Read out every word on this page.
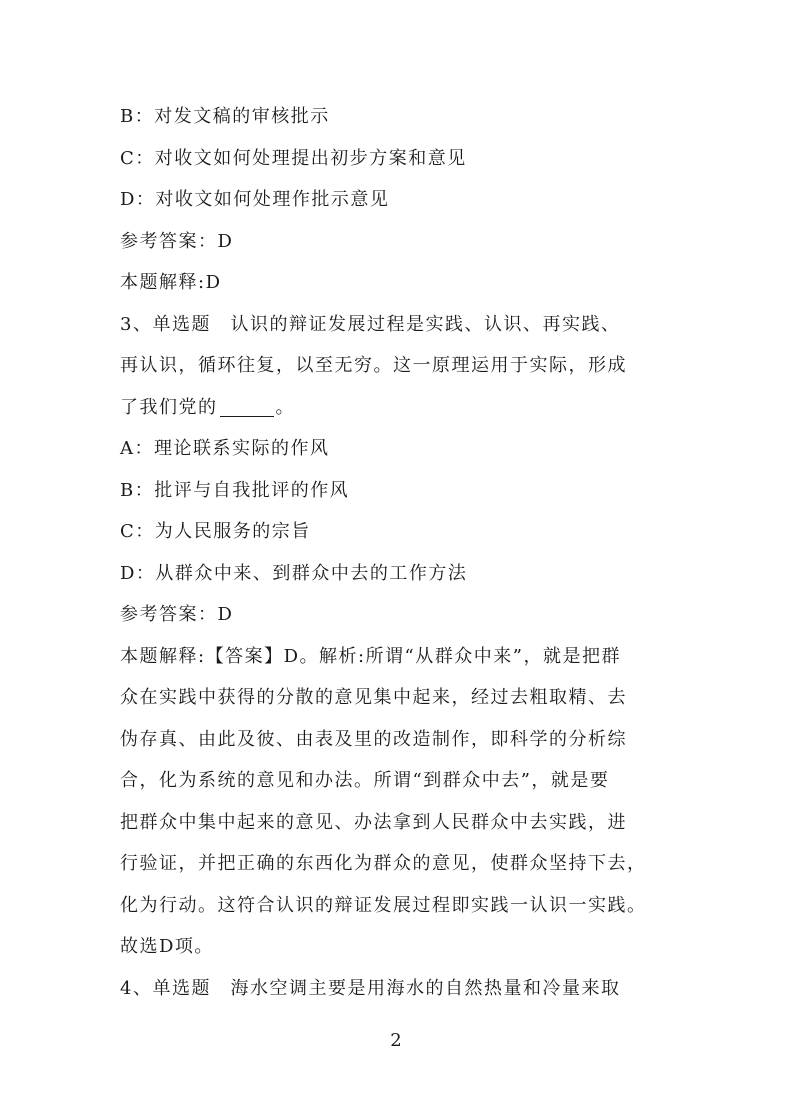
B：对发文稿的审核批示
C：对收文如何处理提出初步方案和意见
D：对收文如何处理作批示意见
参考答案：D
本题解释:D
3、单选题　认识的辩证发展过程是实践、认识、再实践、
再认识，循环往复，以至无穷。这一原理运用于实际，形成
了我们党的	。
A：理论联系实际的作风
B：批评与自我批评的作风
C：为人民服务的宗旨
D：从群众中来、到群众中去的工作方法
参考答案：D
本题解释:【答案】D。解析:所谓“从群众中来”，就是把群
众在实践中获得的分散的意见集中起来，经过去粗取精、去
伪存真、由此及彼、由表及里的改造制作，即科学的分析综
合，化为系统的意见和办法。所谓“到群众中去”，就是要
把群众中集中起来的意见、办法拿到人民群众中去实践，进
行验证，并把正确的东西化为群众的意见，使群众坚持下去，
化为行动。这符合认识的辩证发展过程即实践一认识一实践。
故选D项。
4、单选题　海水空调主要是用海水的自然热量和冷量来取
2
